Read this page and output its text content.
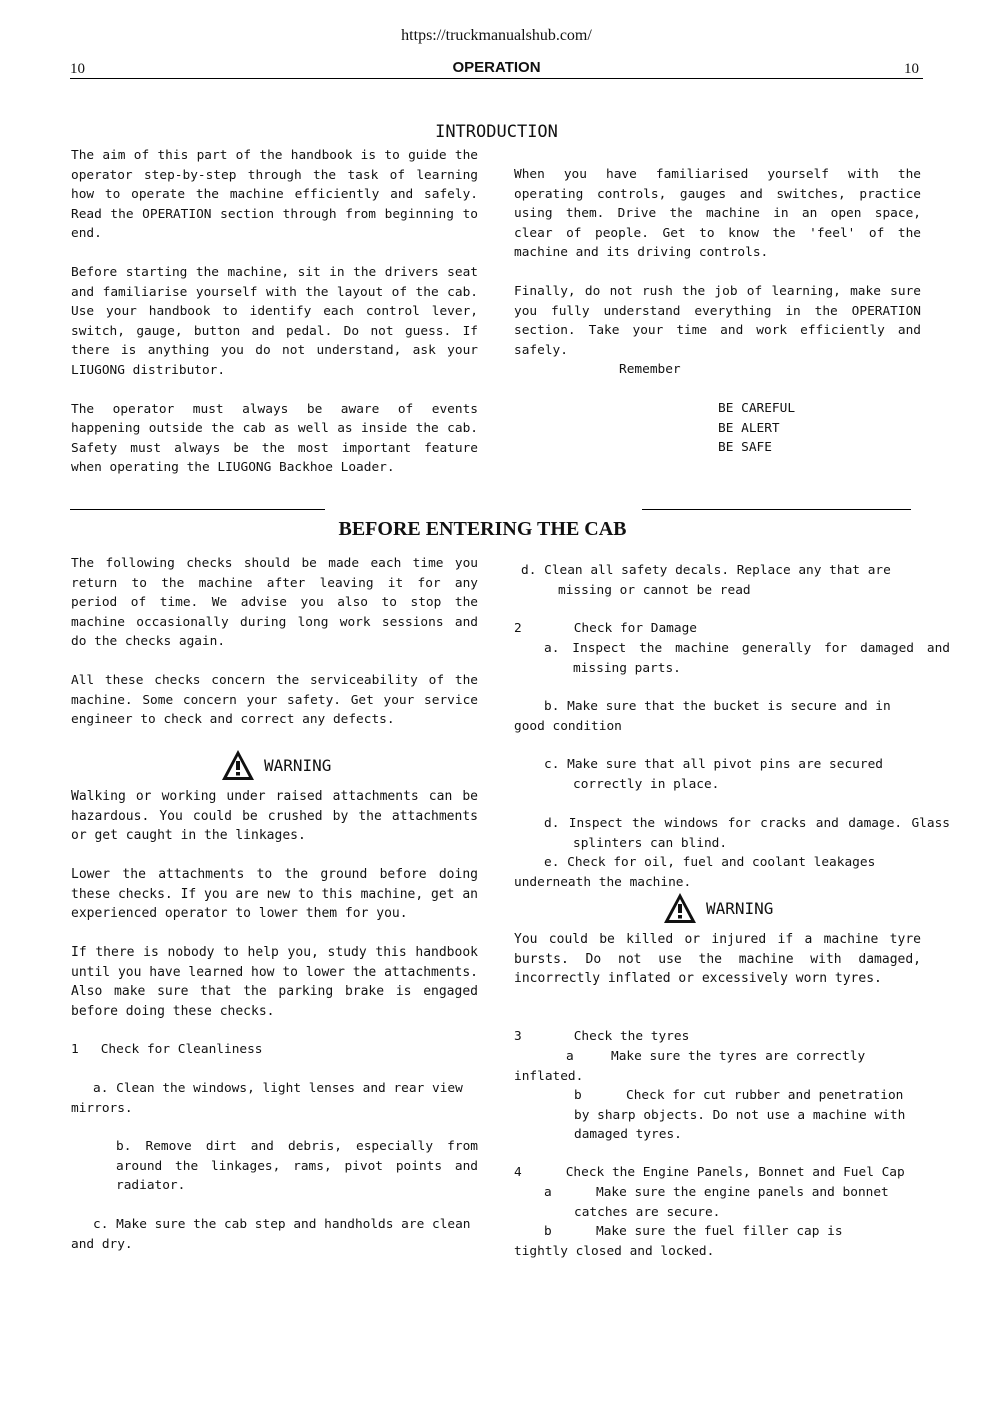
https://truckmanualshub.com/
10	OPERATION	10
INTRODUCTION

The aim of this part of the handbook is to guide the operator step-by-step through the task of learning how to operate the machine efficiently and safely. Read the OPERATION section through from beginning to end.

Before starting the machine, sit in the drivers seat and familiarise yourself with the layout of the cab. Use your handbook to identify each control lever, switch, gauge, button and pedal. Do not guess. If there is anything you do not understand, ask your LIUGONG distributor.

The operator must always be aware of events happening outside the cab as well as inside the cab. Safety must always be the most important feature when operating the LIUGONG Backhoe Loader.

When you have familiarised yourself with the operating controls, gauges and switches, practice using them. Drive the machine in an open space, clear of people. Get to know the 'feel' of the machine and its driving controls.

Finally, do not rush the job of learning, make sure you fully understand everything in the OPERATION section. Take your time and work efficiently and safely.

Remember
BE CAREFUL
BE ALERT
BE SAFE
BEFORE ENTERING THE CAB

The following checks should be made each time you return to the machine after leaving it for any period of time. We advise you also to stop the machine occasionally during long work sessions and do the checks again.

All these checks concern the serviceability of the machine. Some concern your safety. Get your service engineer to check and correct any defects.

WARNING

Walking or working under raised attachments can be hazardous. You could be crushed by the attachments or get caught in the linkages.

Lower the attachments to the ground before doing these checks. If you are new to this machine, get an experienced operator to lower them for you.

If there is nobody to help you, study this handbook until you have learned how to lower the attachments. Also make sure that the parking brake is engaged before doing these checks.

1 Check for Cleanliness
a. Clean the windows, light lenses and rear view mirrors.
b. Remove dirt and debris, especially from around the linkages, rams, pivot points and radiator.
c. Make sure the cab step and handholds are clean and dry.
d. Clean all safety decals. Replace any that are missing or cannot be read
2	Check for Damage
a. Inspect the machine generally for damaged and missing parts.
b. Make sure that the bucket is secure and in good condition
c. Make sure that all pivot pins are secured correctly in place.
d. Inspect the windows for cracks and damage. Glass splinters can blind.
e. Check for oil, fuel and coolant leakages underneath the machine.
WARNING
You could be killed or injured if a machine tyre bursts. Do not use the machine with damaged, incorrectly inflated or excessively worn tyres.
3	Check the tyres
a	Make sure the tyres are correctly inflated.
b	Check for cut rubber and penetration by sharp objects. Do not use a machine with damaged tyres.
4	Check the Engine Panels, Bonnet and Fuel Cap
a	Make sure the engine panels and bonnet catches are secure.
b	Make sure the fuel filler cap is tightly closed and locked.
